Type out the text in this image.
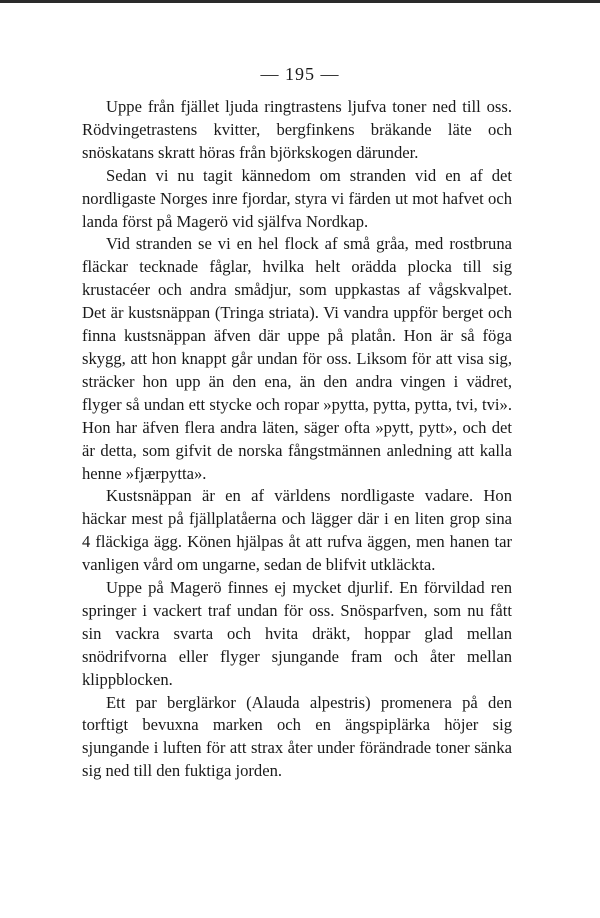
— 195 —

Uppe från fjället ljuda ringtrastens ljufva toner ned till oss. Rödvingetrastens kvitter, bergfinkens bräkande läte och snöskatans skratt höras från björkskogen därunder.

Sedan vi nu tagit kännedom om stranden vid en af det nordligaste Norges inre fjordar, styra vi färden ut mot hafvet och landa först på Magerö vid själfva Nordkap.

Vid stranden se vi en hel flock af små gråa, med rostbruna fläckar tecknade fåglar, hvilka helt orädda plocka till sig krustacéer och andra smådjur, som uppkastas af vågskvalpet. Det är kustsnäppan (Tringa striata). Vi vandra uppför berget och finna kustsnäppan äfven där uppe på platån. Hon är så föga skygg, att hon knappt går undan för oss. Liksom för att visa sig, sträcker hon upp än den ena, än den andra vingen i vädret, flyger så undan ett stycke och ropar »pytta, pytta, pytta, tvi, tvi». Hon har äfven flera andra läten, säger ofta »pytt, pytt», och det är detta, som gifvit de norska fångstmännen anledning att kalla henne »fjærpytta».

Kustsnäppan är en af världens nordligaste vadare. Hon häckar mest på fjällplatåerna och lägger där i en liten grop sina 4 fläckiga ägg. Könen hjälpas åt att rufva äggen, men hanen tar vanligen vård om ungarne, sedan de blifvit utkläckta.

Uppe på Magerö finnes ej mycket djurlif. En förvildad ren springer i vackert traf undan för oss. Snösparfven, som nu fått sin vackra svarta och hvita dräkt, hoppar glad mellan snödrifvorna eller flyger sjungande fram och åter mellan klippblocken.

Ett par berglärkor (Alauda alpestris) promenera på den torftigt bevuxna marken och en ängspiplärka höjer sig sjungande i luften för att strax åter under förändrade toner sänka sig ned till den fuktiga jorden.
